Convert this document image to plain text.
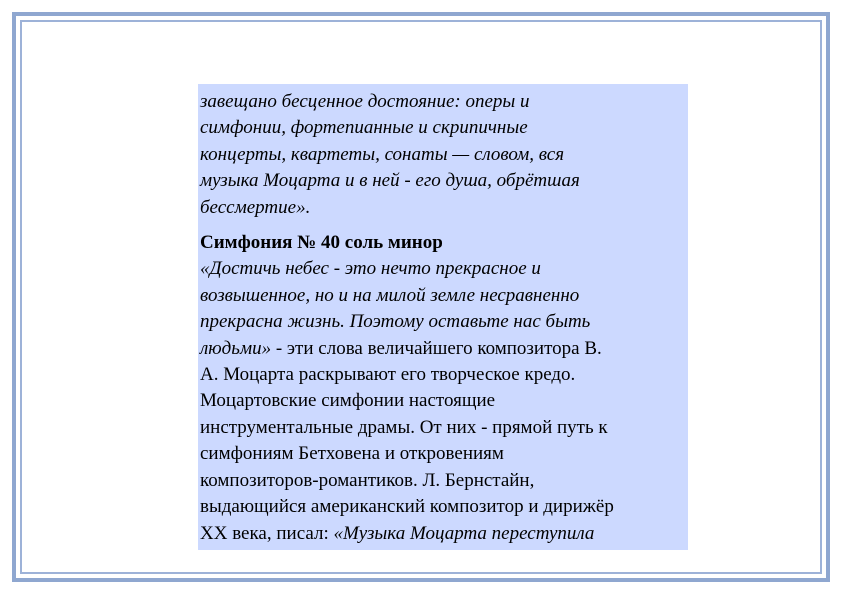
завещано бесценное достояние: оперы и
симфонии, фортепианные и скрипичные
концерты, квартеты, сонаты — словом, вся
музыка Моцарта и в ней - его душа, обрётшая
бессмертие».
Симфония № 40 соль минор
«Достичь небес - это нечто прекрасное и
возвышенное, но и на милой земле несравненно
прекрасна жизнь. Поэтому оставьте нас быть
людьми» - эти слова величайшего композитора В.
А. Моцарта раскрывают его творческое кредо.
Моцартовские симфонии настоящие
инструментальные драмы. От них - прямой путь к
симфониям Бетховена и откровениям
композиторов-романтиков. Л. Бернстайн,
выдающийся американский композитор и дирижёр
XX века, писал: «Музыка Моцарта переступила
